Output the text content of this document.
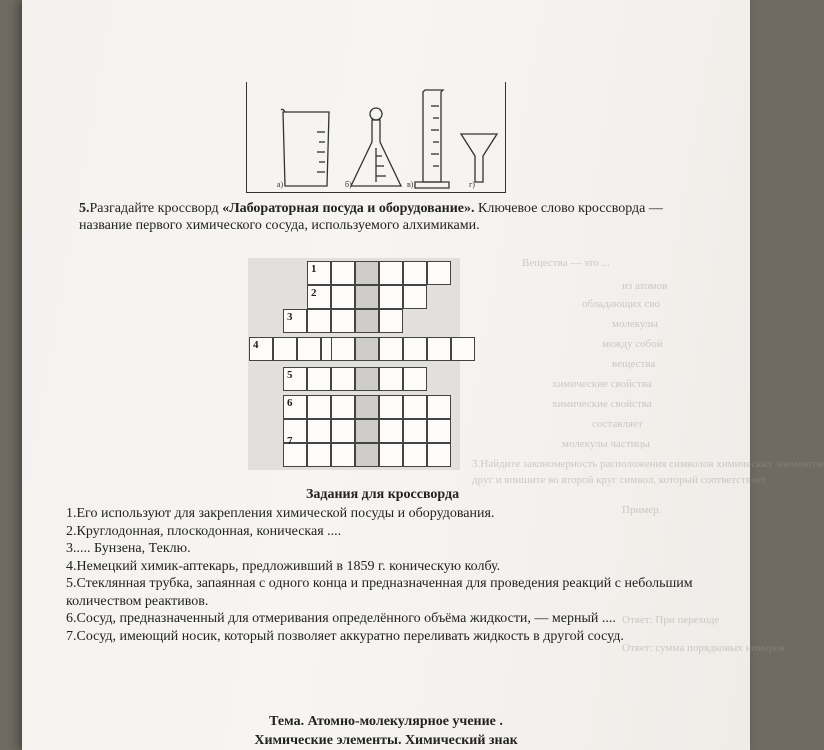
Вещества — это ...
из атомов
обладающих сво
молекулы
между собой
вещества
химические свойства
химические свойства
составляет
молекулы частицы
3.Найдите закономерность расположения символов химических элементов
друг и впишите во второй круг символ, который соответствует
Пример.
Ответ: При переходе
Ответ: сумма порядковых номеров
а)	б)	в)	г)
5.Разгадайте кроссворд «Лабораторная посуда и оборудование». Ключевое слово кроссворда — название первого химического сосуда, используемого алхимиками.
1
2
3
4
5
6
7
Задания для кроссворда

1.Его используют для закрепления химической посуды и оборудования.

2.Круглодонная, плоскодонная, коническая ....

3..... Бунзена, Теклю.

4.Немецкий химик-аптекарь, предложивший в 1859 г. коническую колбу.

5.Стеклянная трубка, запаянная с одного конца и предназначенная для проведения реакций с небольшим количеством реактивов.

6.Сосуд, предназначенный для отмеривания определённого объёма жидкости, — мерный ....

7.Сосуд, имеющий носик, который позволяет аккуратно переливать жидкость в другой сосуд.

Тема. Атомно-молекулярное учение .
Химические элементы. Химический знак
